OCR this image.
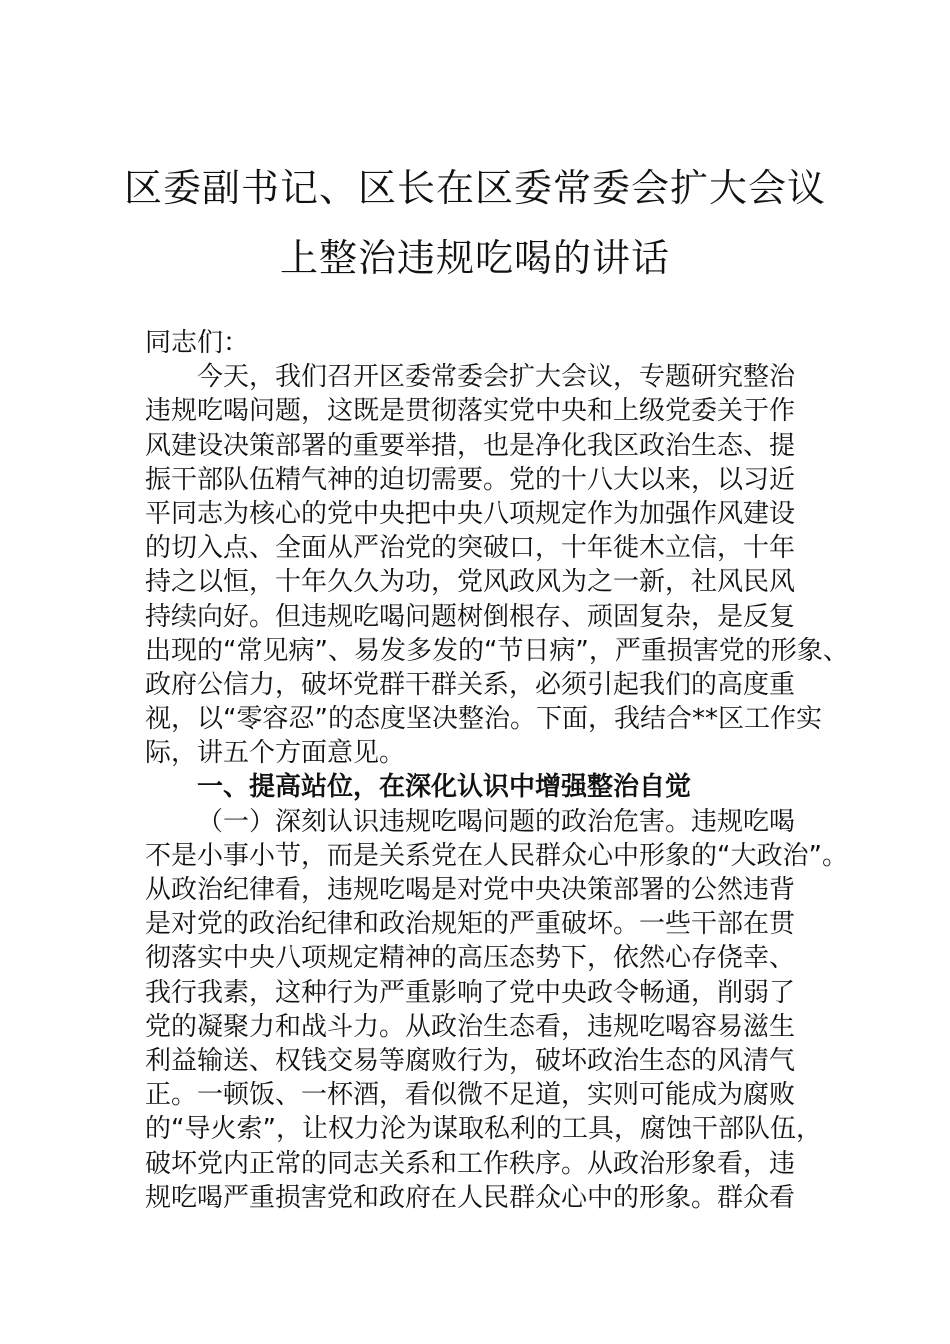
区委副书记、区长在区委常委会扩大会议
上整治违规吃喝的讲话
同志们：
今天，我们召开区委常委会扩大会议，专题研究整治
违规吃喝问题，这既是贯彻落实党中央和上级党委关于作
风建设决策部署的重要举措，也是净化我区政治生态、提
振干部队伍精气神的迫切需要。党的十八大以来，以习近
平同志为核心的党中央把中央八项规定作为加强作风建设
的切入点、全面从严治党的突破口，十年徙木立信，十年
持之以恒，十年久久为功，党风政风为之一新，社风民风
持续向好。但违规吃喝问题树倒根存、顽固复杂，是反复
出现的“常见病”、易发多发的“节日病”，严重损害党的形象、
政府公信力，破坏党群干群关系，必须引起我们的高度重
视，以“零容忍”的态度坚决整治。下面，我结合**区工作实
际，讲五个方面意见。
一、提高站位，在深化认识中增强整治自觉
（一）深刻认识违规吃喝问题的政治危害。违规吃喝
不是小事小节，而是关系党在人民群众心中形象的“大政治”。
从政治纪律看，违规吃喝是对党中央决策部署的公然违背
是对党的政治纪律和政治规矩的严重破坏。一些干部在贯
彻落实中央八项规定精神的高压态势下，依然心存侥幸、
我行我素，这种行为严重影响了党中央政令畅通，削弱了
党的凝聚力和战斗力。从政治生态看，违规吃喝容易滋生
利益输送、权钱交易等腐败行为，破坏政治生态的风清气
正。一顿饭、一杯酒，看似微不足道，实则可能成为腐败
的“导火索”，让权力沦为谋取私利的工具，腐蚀干部队伍，
破坏党内正常的同志关系和工作秩序。从政治形象看，违
规吃喝严重损害党和政府在人民群众心中的形象。群众看
